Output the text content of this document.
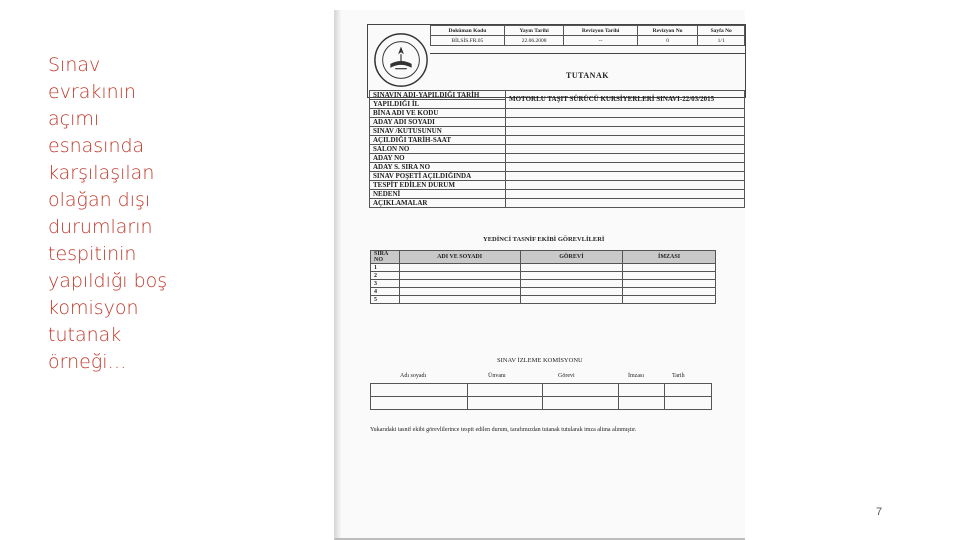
Sınav
evrakının
açımı
esnasında
karşılaşılan
olağan dışı
durumların
tespitinin
yapıldığı boş
komisyon
tutanak
örneği…
Doküman Kodu	Yayın Tarihi	Revizyon Tarihi	Revizyon No	Sayfa No
BİLSİS.FR.05	22.06.2008	--	0	1/1
TUTANAK
SINAVIN ADI-YAPILDIĞI TARİH	MOTORLU TAŞIT SÜRÜCÜ KURSİYERLERİ SINAVI-22/03/2015
YAPILDIĞI İL	
BİNA ADI VE KODU	
ADAY ADI SOYADI	
SINAV /KUTUSUNUN	
AÇILDIĞI TARİH-SAAT	
SALON NO	
ADAY NO	
ADAY S. SIRA NO	
SINAV POŞETİ AÇILDIĞINDA	
TESPİT EDİLEN DURUM	
NEDENİ	
AÇIKLAMALAR	
YEDİNCİ TASNİF EKİBİ GÖREVLİLERİ
SIRA NO	ADI VE SOYADI	GÖREVİ	İMZASI
1			
2			
3			
4			
5			
SINAV İZLEME KOMİSYONU
Adı soyadı	Ünvanı	Görevi	İmzası	Tarih

Yukarıdaki tasnif ekibi görevlilerince tespit edilen durum, tarafımızdan tutanak tutularak imza altına alınmıştır.
7
